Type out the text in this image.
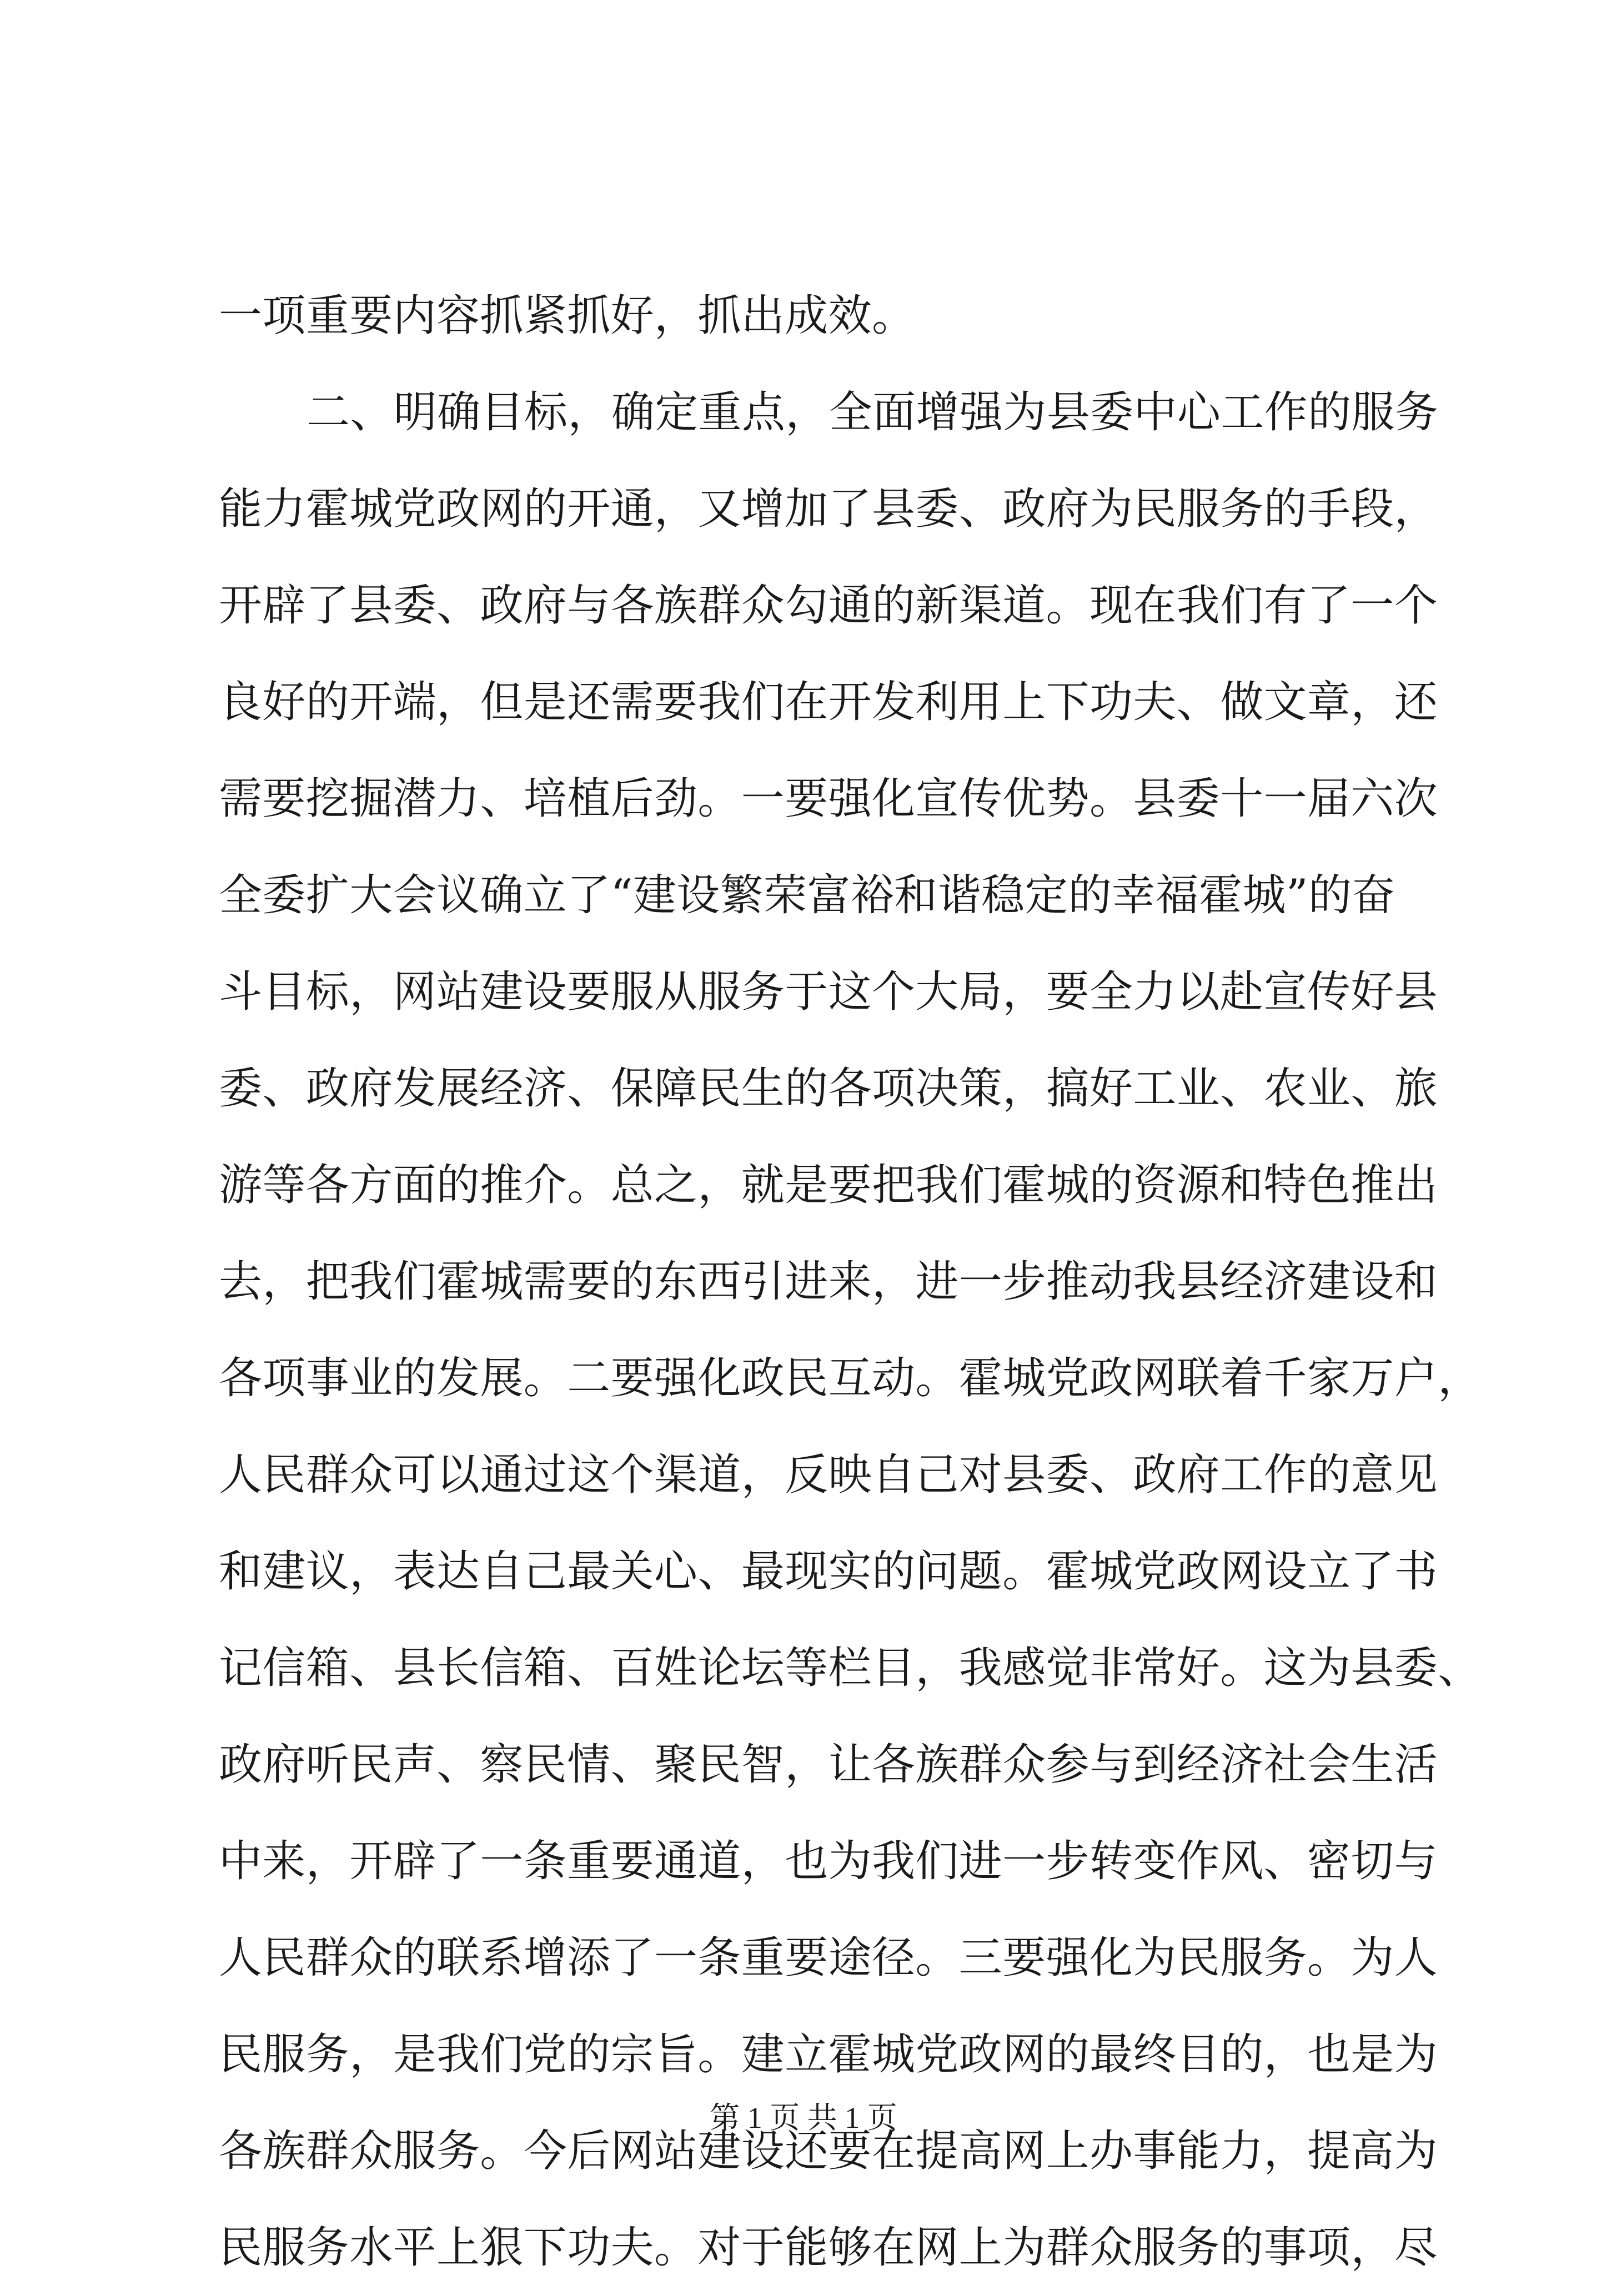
一项重要内容抓紧抓好，抓出成效。
二、明确目标，确定重点，全面增强为县委中心工作的服务
能力霍城党政网的开通，又增加了县委、政府为民服务的手段，
开辟了县委、政府与各族群众勾通的新渠道。现在我们有了一个
良好的开端，但是还需要我们在开发利用上下功夫、做文章，还
需要挖掘潜力、培植后劲。一要强化宣传优势。县委十一届六次
全委扩大会议确立了“建设繁荣富裕和谐稳定的幸福霍城”的奋
斗目标，网站建设要服从服务于这个大局，要全力以赴宣传好县
委、政府发展经济、保障民生的各项决策，搞好工业、农业、旅
游等各方面的推介。总之，就是要把我们霍城的资源和特色推出
去，把我们霍城需要的东西引进来，进一步推动我县经济建设和
各项事业的发展。二要强化政民互动。霍城党政网联着千家万户，
人民群众可以通过这个渠道，反映自己对县委、政府工作的意见
和建议，表达自己最关心、最现实的问题。霍城党政网设立了书
记信箱、县长信箱、百姓论坛等栏目，我感觉非常好。这为县委、
政府听民声、察民情、聚民智，让各族群众参与到经济社会生活
中来，开辟了一条重要通道，也为我们进一步转变作风、密切与
人民群众的联系增添了一条重要途径。三要强化为民服务。为人
民服务，是我们党的宗旨。建立霍城党政网的最终目的，也是为
各族群众服务。今后网站建设还要在提高网上办事能力，提高为
民服务水平上狠下功夫。对于能够在网上为群众服务的事项，尽
第 1 页 共 1 页
